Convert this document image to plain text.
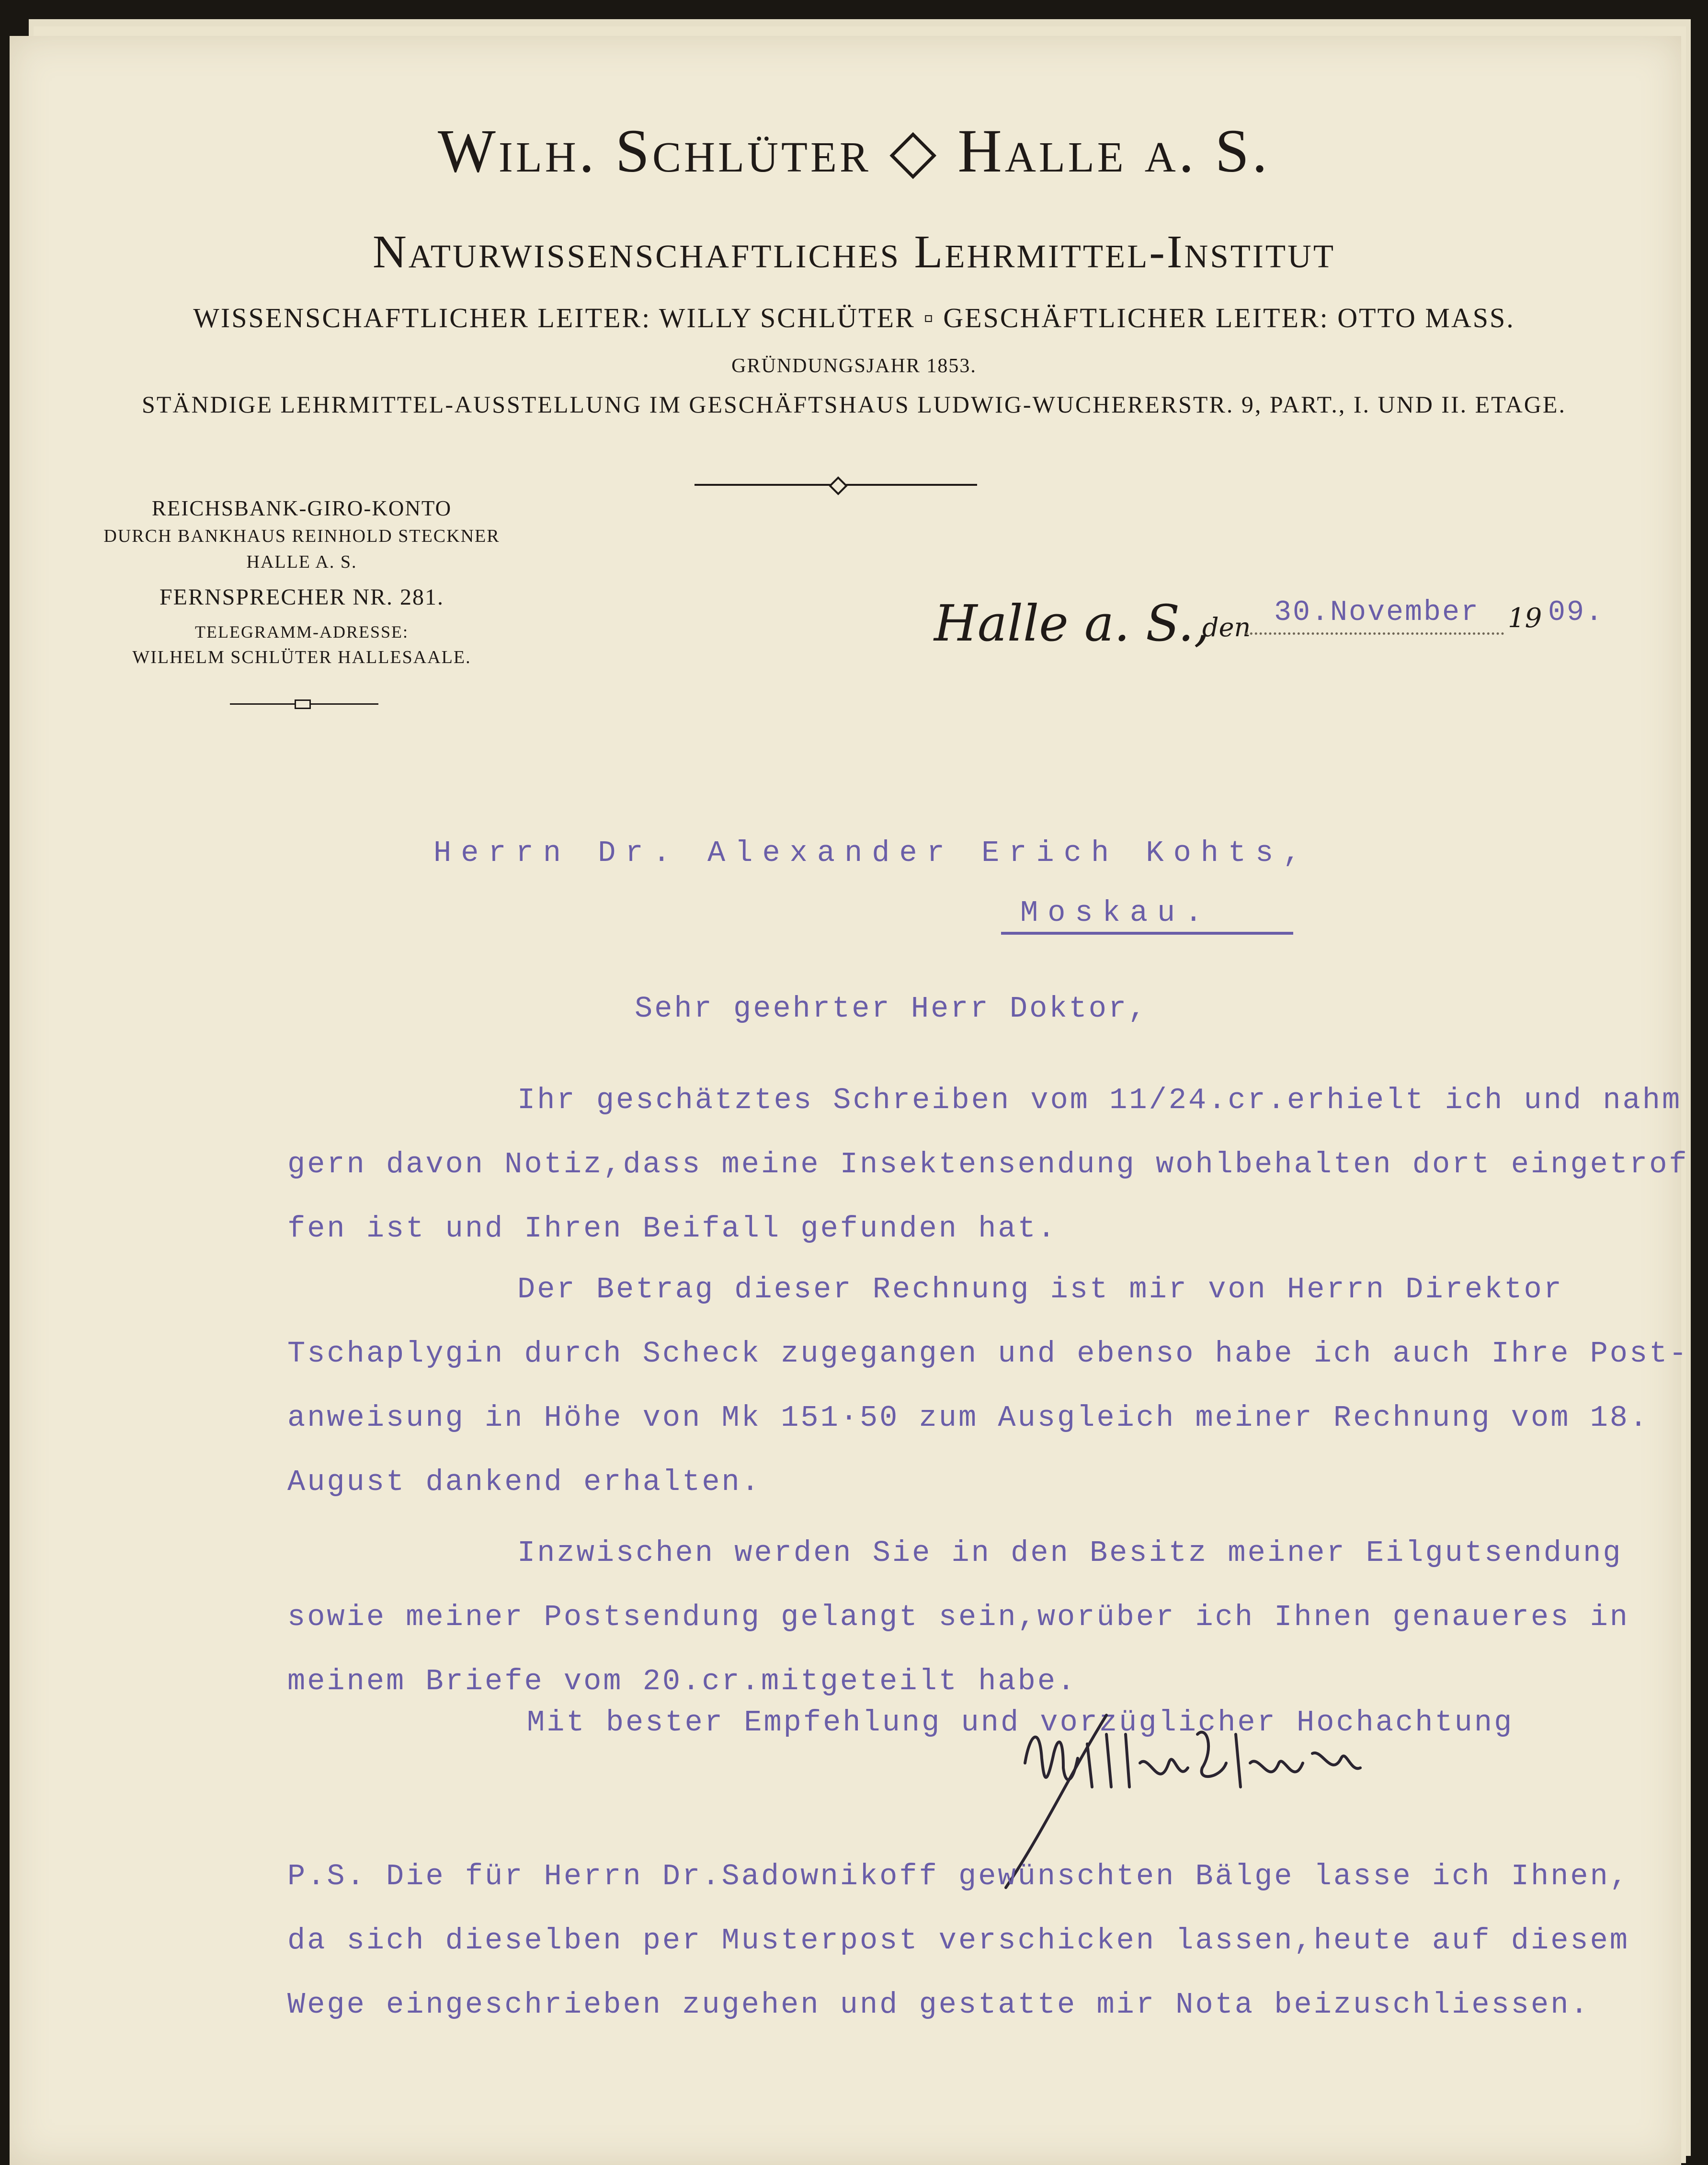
Wilh. Schlüter ◇ Halle a. S.
Naturwissenschaftliches Lehrmittel-Institut
WISSENSCHAFTLICHER LEITER: WILLY SCHLÜTER ▫ GESCHÄFTLICHER LEITER: OTTO MASS.
GRÜNDUNGSJAHR 1853.
STÄNDIGE LEHRMITTEL-AUSSTELLUNG IM GESCHÄFTSHAUS LUDWIG-WUCHERERSTR. 9, PART., I. UND II. ETAGE.
REICHSBANK-GIRO-KONTO
DURCH BANKHAUS REINHOLD STECKNER
HALLE A. S.
FERNSPRECHER NR. 281.
TELEGRAMM-ADRESSE:
WILHELM SCHLÜTER HALLESAALE.
Halle a. S.,
den 30.November 19 09.
Herrn Dr. Alexander Erich Kohts,
Moskau.
Sehr geehrter Herr Doktor,
Ihr geschätztes Schreiben vom 11/24.cr.erhielt ich und nahm
gern davon Notiz,dass meine Insektensendung wohlbehalten dort eingetrof
fen ist und Ihren Beifall gefunden hat.
Der Betrag dieser Rechnung ist mir von Herrn Direktor
Tschaplygin durch Scheck zugegangen und ebenso habe ich auch Ihre Post-
anweisung in Höhe von Mk 151·50 zum Ausgleich meiner Rechnung vom 18.
August dankend erhalten.
Inzwischen werden Sie in den Besitz meiner Eilgutsendung
sowie meiner Postsendung gelangt sein,worüber ich Ihnen genaueres in
meinem Briefe vom 20.cr.mitgeteilt habe.
Mit bester Empfehlung und vorzüglicher Hochachtung
P.S. Die für Herrn Dr.Sadownikoff gewünschten Bälge lasse ich Ihnen,
da sich dieselben per Musterpost verschicken lassen,heute auf diesem
Wege eingeschrieben zugehen und gestatte mir Nota beizuschliessen.
